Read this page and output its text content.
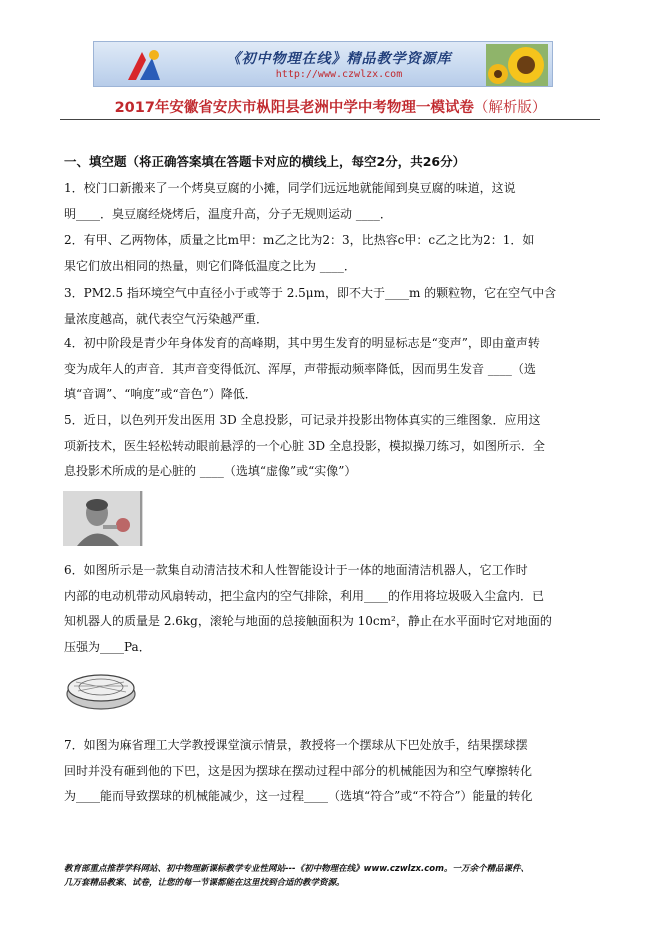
《初中物理在线》精品教学资源库
http://www.czwlzx.com
2017年安徽省安庆市枞阳县老洲中学中考物理一模试卷（解析版）
一、填空题（将正确答案填在答题卡对应的横线上，每空2分，共26分）
1．校门口新搬来了一个烤臭豆腐的小摊，同学们远远地就能闻到臭豆腐的味道，这说
明____．臭豆腐经烧烤后，温度升高，分子无规则运动 ____．
2．有甲、乙两物体，质量之比m甲：m乙之比为2：3，比热容c甲：c乙之比为2：1．如
果它们放出相同的热量，则它们降低温度之比为 ____．
3．PM2.5 指环境空气中直径小于或等于 2.5μm，即不大于____m 的颗粒物，它在空气中含
量浓度越高，就代表空气污染越严重．
4．初中阶段是青少年身体发育的高峰期，其中男生发育的明显标志是“变声”，即由童声转
变为成年人的声音．其声音变得低沉、浑厚，声带振动频率降低，因而男生发音 ____（选
填“音调”、“响度”或“音色”）降低．
5．近日，以色列开发出医用 3D 全息投影，可记录并投影出物体真实的三维图象．应用这
项新技术，医生轻松转动眼前悬浮的一个心脏 3D 全息投影，模拟操刀练习，如图所示．全
息投影术所成的是心脏的 ____（选填“虚像”或“实像”）
6．如图所示是一款集自动清洁技术和人性智能设计于一体的地面清洁机器人，它工作时
内部的电动机带动风扇转动，把尘盒内的空气排除，利用____的作用将垃圾吸入尘盒内．已
知机器人的质量是 2.6kg，滚轮与地面的总接触面积为 10cm²，静止在水平面时它对地面的
压强为____Pa．
7．如图为麻省理工大学教授课堂演示情景，教授将一个摆球从下巴处放手，结果摆球摆
回时并没有砸到他的下巴，这是因为摆球在摆动过程中部分的机械能因为和空气摩擦转化
为____能而导致摆球的机械能减少，这一过程____（选填“符合”或“不符合”）能量的转化
教育部重点推荐学科网站、初中物理新课标教学专业性网站---《初中物理在线》www.czwlzx.com。一万余个精品课件、
几万套精品教案、试卷，让您的每一节课都能在这里找到合适的教学资源。
